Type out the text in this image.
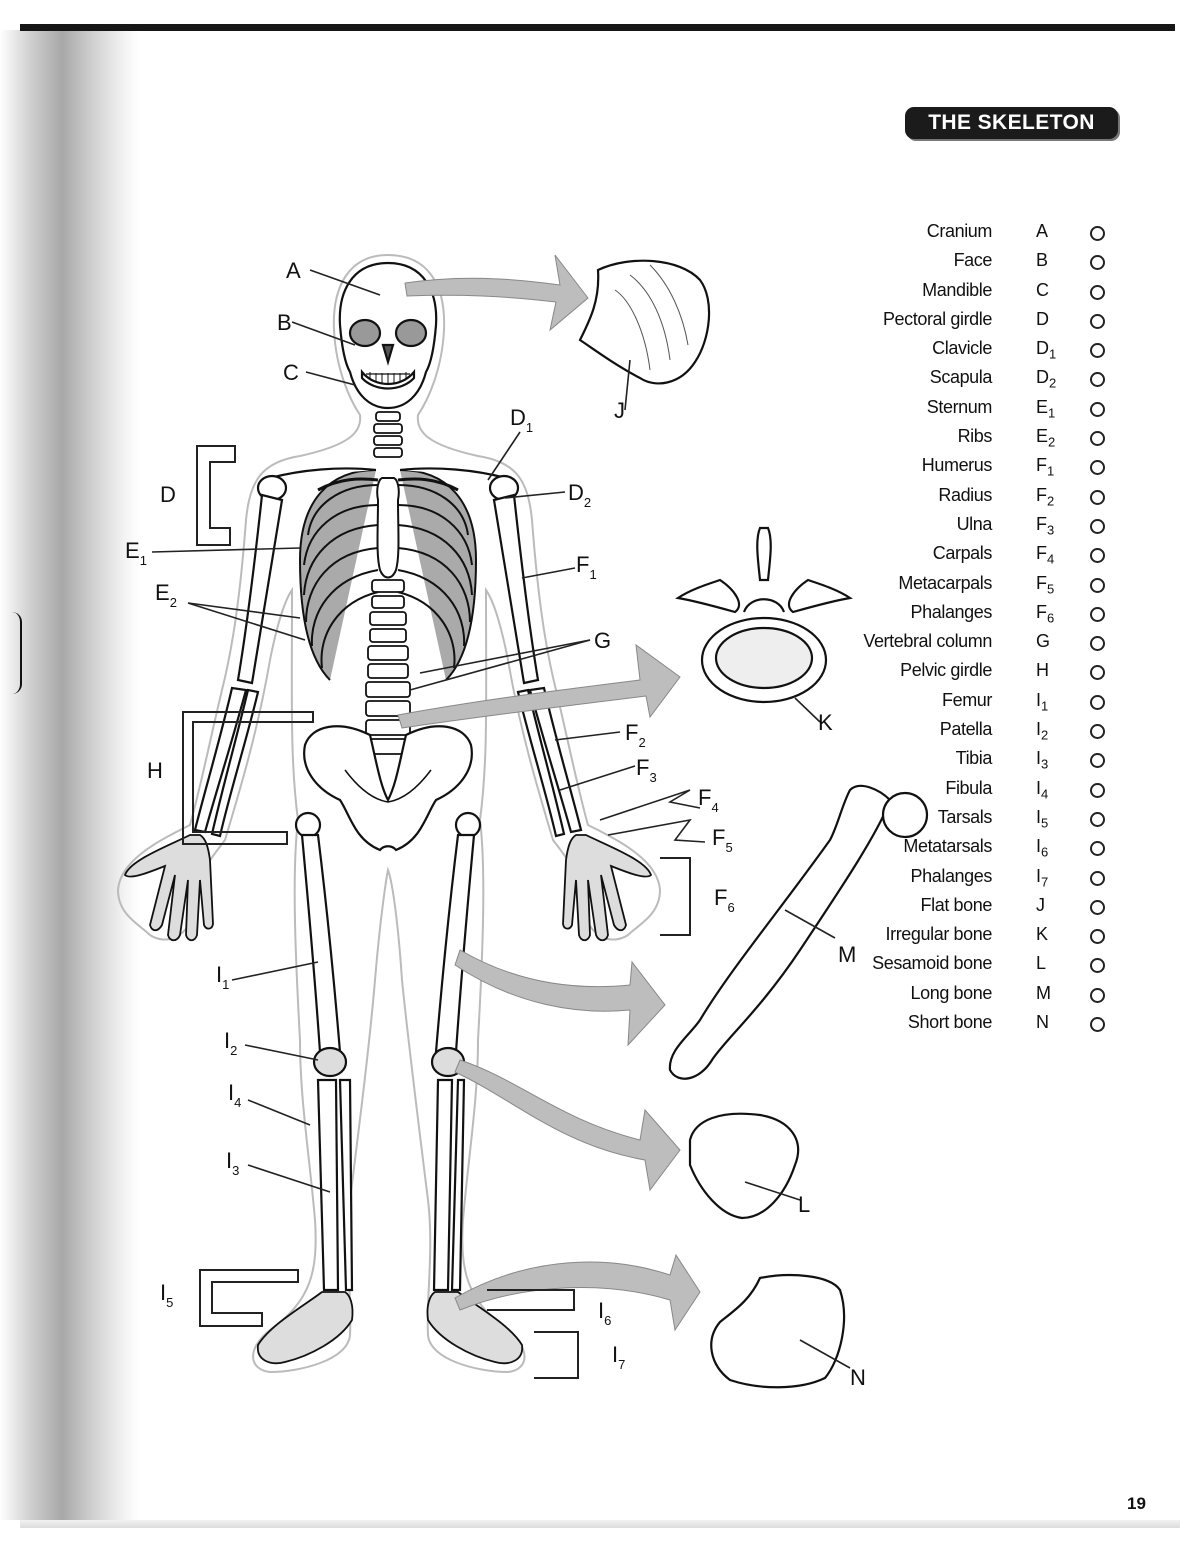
THE SKELETON
A
B
C
D
$D_1$
$D_2$
$E_1$
$E_2$
$F_1$
G
$F_2$
$F_3$
$F_4$
$F_5$
$F_6$
H
$I_1$
$I_2$
$I_4$
$I_3$
$I_5$	$I_6$
$I_7$
J
K
M
L
N
Cranium A
Face B
Mandible C
Pectoral girdle D
Clavicle $D_1$
Scapula $D_2$
Sternum $E_1$
Ribs $E_2$
Humerus $F_1$
Radius $F_2$
Ulna $F_3$
Carpals $F_4$
Metacarpals $F_5$
Phalanges $F_6$
Vertebral column G
Pelvic girdle H
Femur $I_1$
Patella $I_2$
Tibia $I_3$
Fibula $I_4$
Tarsals $I_5$
Metatarsals $I_6$
Phalanges $I_7$
Flat bone J
Irregular bone K
Sesamoid bone L
Long bone M
Short bone N
19
